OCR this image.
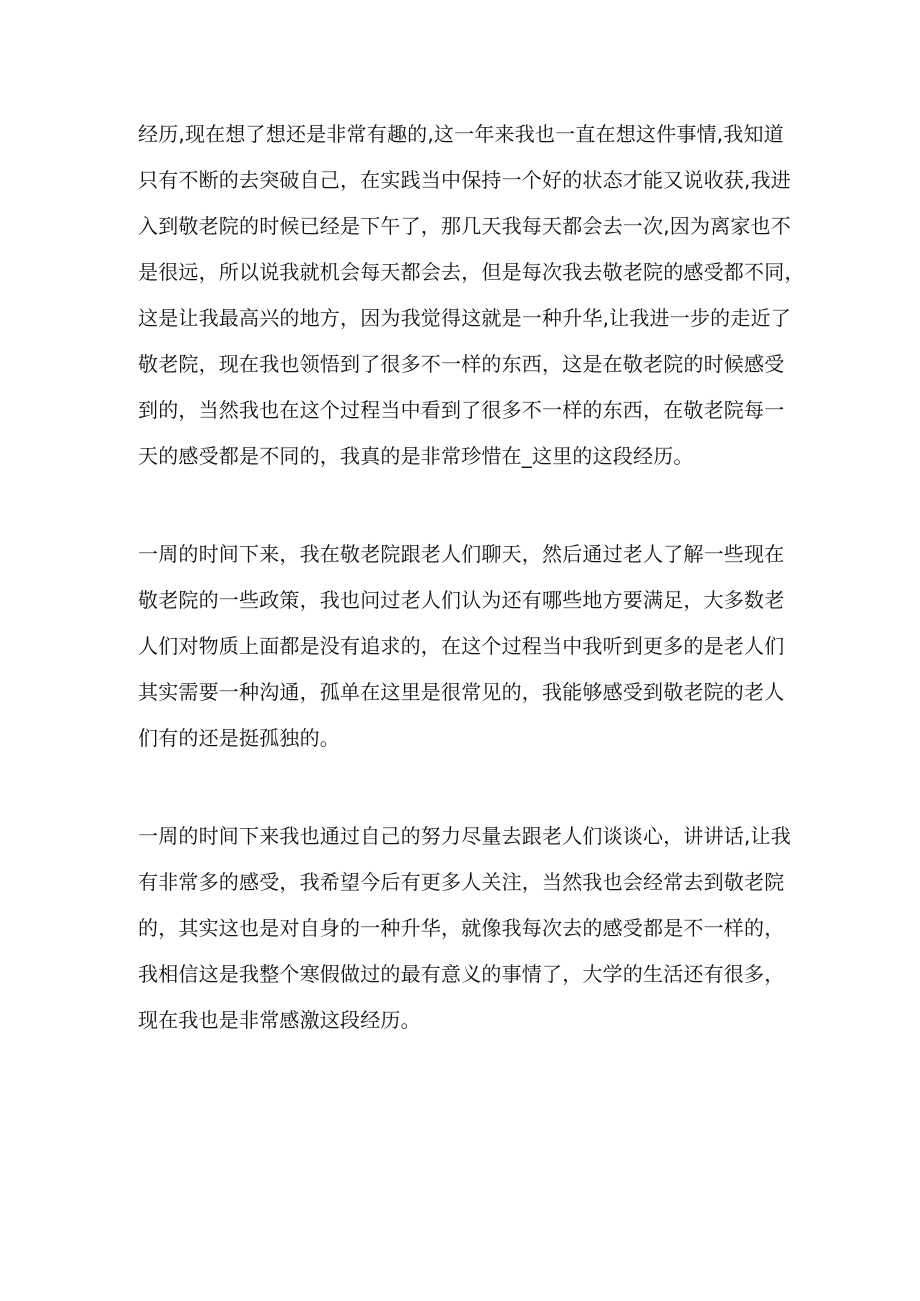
经历,现在想了想还是非常有趣的,这一年来我也一直在想这件事情,我知道
只有不断的去突破自己，在实践当中保持一个好的状态才能又说收获,我进
入到敬老院的时候已经是下午了，那几天我每天都会去一次,因为离家也不
是很远，所以说我就机会每天都会去，但是每次我去敬老院的感受都不同，
这是让我最高兴的地方，因为我觉得这就是一种升华,让我进一步的走近了
敬老院，现在我也领悟到了很多不一样的东西，这是在敬老院的时候感受
到的，当然我也在这个过程当中看到了很多不一样的东西，在敬老院每一
天的感受都是不同的，我真的是非常珍惜在_这里的这段经历。
一周的时间下来，我在敬老院跟老人们聊天，然后通过老人了解一些现在
敬老院的一些政策，我也问过老人们认为还有哪些地方要满足，大多数老
人们对物质上面都是没有追求的，在这个过程当中我听到更多的是老人们
其实需要一种沟通，孤单在这里是很常见的，我能够感受到敬老院的老人
们有的还是挺孤独的。
一周的时间下来我也通过自己的努力尽量去跟老人们谈谈心，讲讲话,让我
有非常多的感受，我希望今后有更多人关注，当然我也会经常去到敬老院
的，其实这也是对自身的一种升华，就像我每次去的感受都是不一样的，
我相信这是我整个寒假做过的最有意义的事情了，大学的生活还有很多，
现在我也是非常感激这段经历。
